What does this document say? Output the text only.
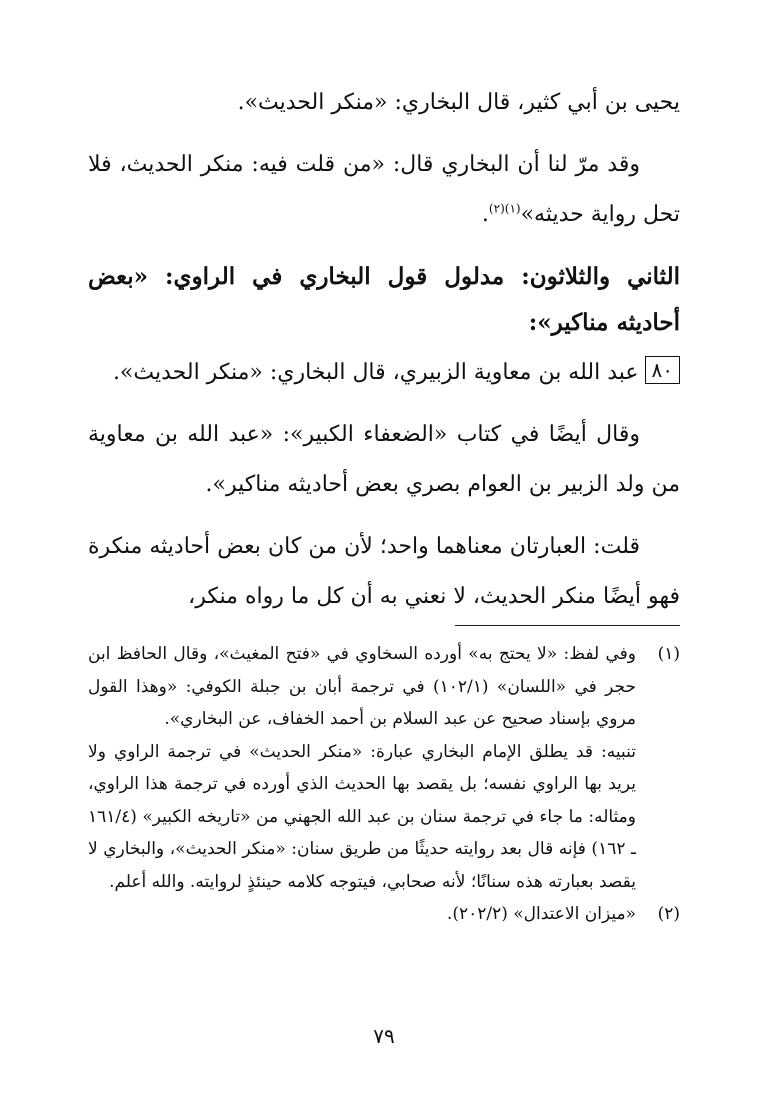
يحيى بن أبي كثير، قال البخاري: «منكر الحديث».

وقد مرّ لنا أن البخاري قال: «من قلت فيه: منكر الحديث، فلا تحل رواية حديثه»$^{(١)(٢)}$.

الثاني والثلاثون: مدلول قول البخاري في الراوي: «بعض أحاديثه مناكير»:

٨٠عبد الله بن معاوية الزبيري، قال البخاري: «منكر الحديث».

وقال أيضًا في كتاب «الضعفاء الكبير»: «عبد الله بن معاوية من ولد الزبير بن العوام بصري بعض أحاديثه مناكير».

قلت: العبارتان معناهما واحد؛ لأن من كان بعض أحاديثه منكرة فهو أيضًا منكر الحديث، لا نعني به أن كل ما رواه منكر،

(١)
وفي لفظ: «لا يحتج به» أورده السخاوي في «فتح المغيث»، وقال الحافظ ابن حجر في «اللسان» (١٠٢/١) في ترجمة أبان بن جبلة الكوفي: «وهذا القول مروي بإسناد صحيح عن عبد السلام بن أحمد الخفاف، عن البخاري».

تنبيه: قد يطلق الإمام البخاري عبارة: «منكر الحديث» في ترجمة الراوي ولا يريد بها الراوي نفسه؛ بل يقصد بها الحديث الذي أورده في ترجمة هذا الراوي، ومثاله: ما جاء في ترجمة سنان بن عبد الله الجهني من «تاريخه الكبير» (١٦١/٤ ـ ١٦٢) فإنه قال بعد روايته حديثًا من طريق سنان: «منكر الحديث»، والبخاري لا يقصد بعبارته هذه سنانًا؛ لأنه صحابي، فيتوجه كلامه حينئذٍ لروايته. والله أعلم.

(٢)
«ميزان الاعتدال» (٢٠٢/٢).

٧٩
